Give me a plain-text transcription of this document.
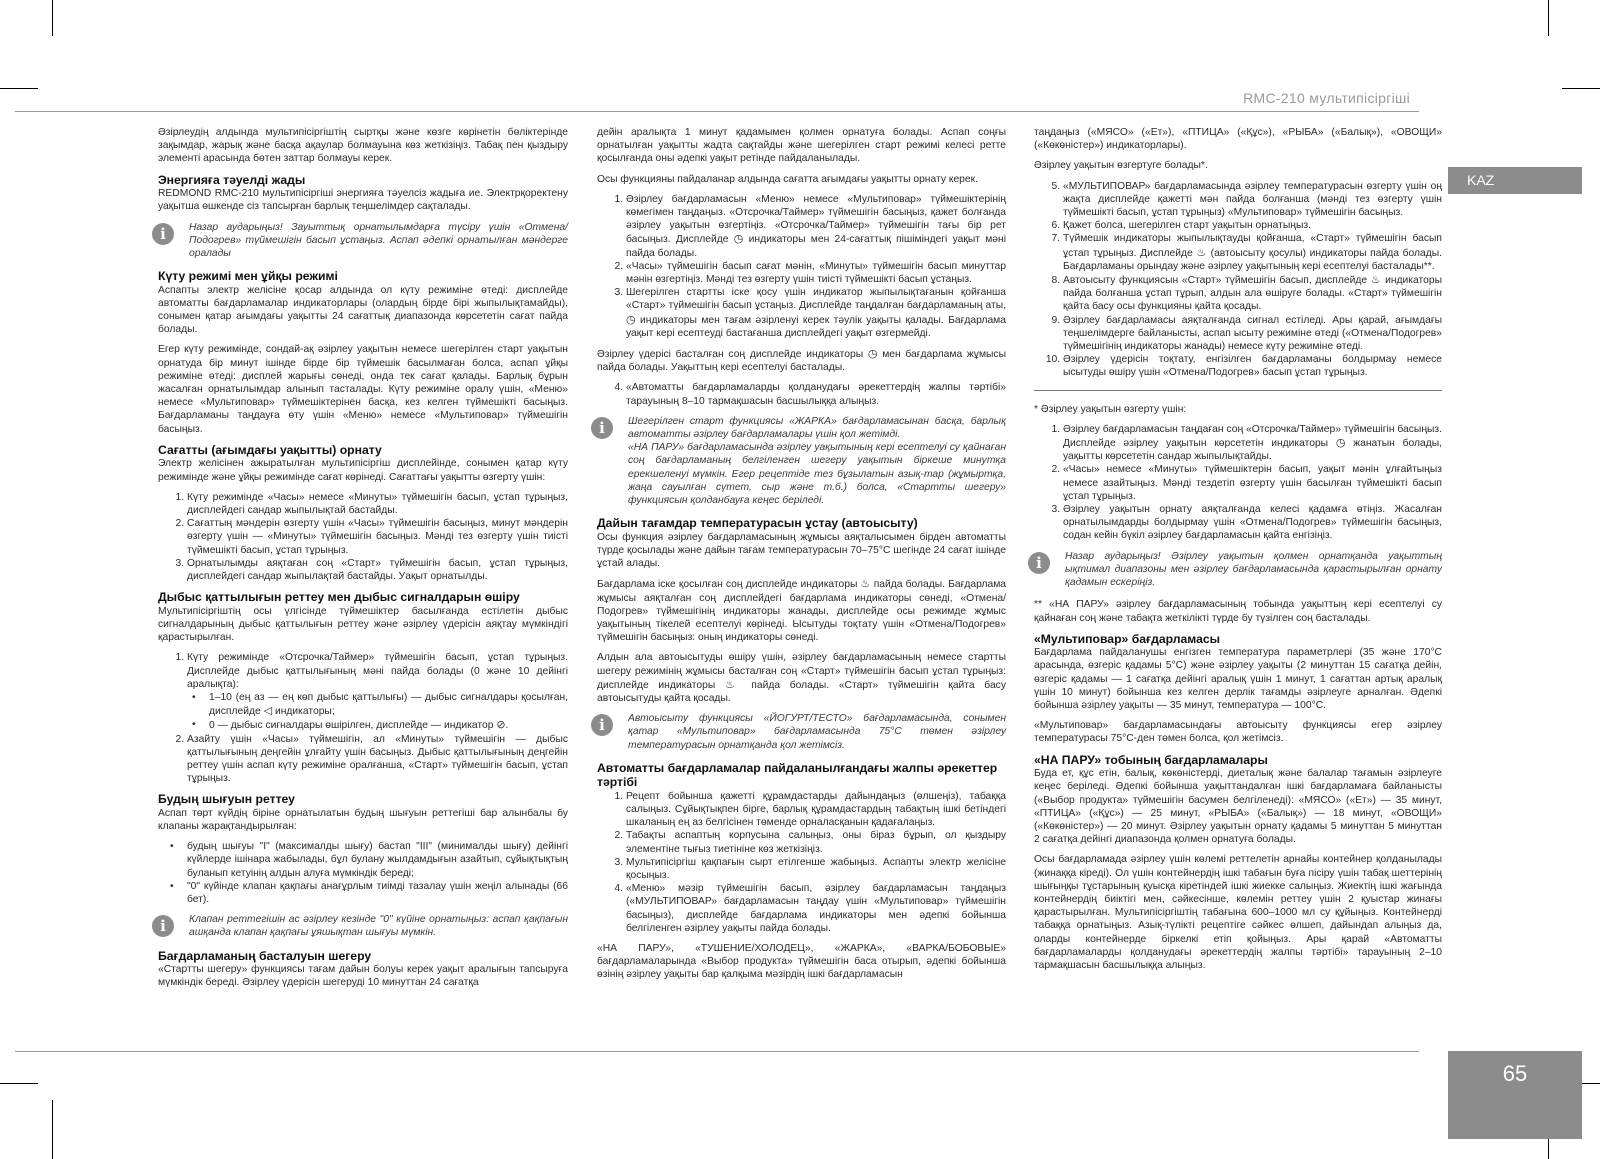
RMC-210 мультипісіргіші
KAZ
65

Әзірлеудің алдында мультипісіргіштің сыртқы және көзге көрінетін бөліктерінде зақымдар, жарық және басқа ақаулар болмауына көз жеткізіңіз. Табақ пен қыздыру элементі арасында бөтен заттар болмауы керек.

Энергияға тәуелді жады

REDMOND RMC-210 мультипісіргіші энергияға тәуелсіз жадыға ие. Электрқоректену уақытша өшкенде сіз тапсырған барлық теңшелімдер сақталады.

i	Назар аударыңыз! Зауыттық орнатылымдарға түсіру үшін «Отмена/Подогрев» түймешігін басып ұстаңыз. Аспап әдепкі орнатылған мәндерге оралады
Күту режимі мен ұйқы режимі

Аспапты электр желісіне қосар алдында ол күту режиміне өтеді: дисплейде автоматты бағдарламалар индикаторлары (олардың бірде бірі жыпылықтамайды), сонымен қатар ағымдағы уақытты 24 сағаттық диапазонда көрсететін сағат пайда болады.

Егер күту режимінде, сондай-ақ әзірлеу уақытын немесе шегерілген старт уақытын орнатуда бір минут ішінде бірде бір түймешік басылмаған болса, аспап ұйқы режиміне өтеді: дисплей жарығы сөнеді, онда тек сағат қалады. Барлық бұрын жасалған орнатылымдар алынып тасталады. Күту режиміне оралу үшін, «Меню» немесе «Мультиповар» түймешіктерінен басқа, кез келген түймешікті басыңыз. Бағдарламаны таңдауға өту үшін «Меню» немесе «Мультиповар» түймешігін басыңыз.

Сағатты (ағымдағы уақытты) орнату

Электр желісінен ажыратылған мультипісіргіш дисплейінде, сонымен қатар күту режимінде және ұйқы режимінде сағат көрінеді. Сағаттағы уақытты өзгерту үшін:

1. Күту режимінде «Часы» немесе «Минуты» түймешігін басып, ұстап тұрыңыз, дисплейдегі сандар жыпылықтай бастайды.
2. Сағаттың мәндерін өзгерту үшін «Часы» түймешігін басыңыз, минут мәндерін өзгерту үшін — «Минуты» түймешігін басыңыз. Мәнді тез өзгерту үшін тиісті түймешікті басып, ұстап тұрыңыз.
3. Орнатылымды аяқтаған соң «Старт» түймешігін басып, ұстап тұрыңыз, дисплейдегі сандар жыпылақтай бастайды. Уақыт орнатылды.
Дыбыс қаттылығын реттеу мен дыбыс сигналдарын өшіру

Мультипісіргіштің осы үлгісінде түймешіктер басылғанда естілетін дыбыс сигналдарының дыбыс қаттылығын реттеу және әзірлеу үдерісін аяқтау мүмкіндігі қарастырылған.

1. Күту режимінде «Отсрочка/Таймер» түймешігін басып, ұстап тұрыңыз. Дисплейде дыбыс қаттылығының мәні пайда болады (0 және 10 дейінгі аралықта):
• 1–10 (ең аз — ең көп дыбыс қаттылығы) — дыбыс сигналдары қосылған, дисплейде ◁ индикаторы;
• 0 — дыбыс сигналдары өшірілген, дисплейде — индикатор ⊘.
2. Азайту үшін «Часы» түймешігін, ал «Минуты» түймешігін — дыбыс қаттылығының деңгейін ұлғайту үшін басыңыз. Дыбыс қаттылығының деңгейін реттеу үшін аспап күту режиміне оралғанша, «Старт» түймешігін басып, ұстап тұрыңыз.
Будың шығуын реттеу

Аспап төрт күйдің біріне орнатылатын будың шығуын реттегіші бар алынбалы бу клапаны жарақтандырылған:

• будың шығуы "I" (максималды шығу) бастап "III" (минималды шығу) дейінгі күйлерде ішінара жабылады, бұл булану жылдамдығын азайтып, сұйықтықтың буланып кетуінің алдын алуға мүмкіндік береді;
• "0" күйінде клапан қақпағы анағұрлым тиімді тазалау үшін жеңіл алынады (66 бет).
i	Клапан реттегішін ас әзірлеу кезінде "0" күйіне орнатыңыз: аспап қақпағын ашқанда клапан қақпағы ұяшықтан шығуы мүмкін.
Бағдарламаның басталуын шегеру

«Стартты шегеру» функциясы тағам дайын болуы керек уақыт аралығын тапсыруға мүмкіндік береді. Әзірлеу үдерісін шегеруді 10 минуттан 24 сағатқа

дейін аралықта 1 минут қадамымен қолмен орнатуға болады. Аспап соңғы орнатылған уақытты жадта сақтайды және шегерілген старт режимі келесі ретте қосылғанда оны әдепкі уақыт ретінде пайдаланылады.

Осы функцияны пайдаланар алдында сағатта ағымдағы уақытты орнату керек.

1. Әзірлеу бағдарламасын «Меню» немесе «Мультиповар» түймешіктерінің көмегімен таңдаңыз. «Отсрочка/Таймер» түймешігін басыңыз, қажет болғанда әзірлеу уақытын өзгертіңіз. «Отсрочка/Таймер» түймешігін тағы бір рет басыңыз. Дисплейде ◷ индикаторы мен 24-сағаттық пішіміндегі уақыт мәні пайда болады.
2. «Часы» түймешігін басып сағат мәнін, «Минуты» түймешігін басып минуттар мәнін өзгертіңіз. Мәнді тез өзгерту үшін тиісті түймешікті басып ұстаңыз.
3. Шегерілген стартты іске қосу үшін индикатор жыпылықтағанын қойғанша «Старт» түймешігін басып ұстаңыз. Дисплейде таңдалған бағдарламаның аты, ◷ индикаторы мен тағам әзірленуі керек тәулік уақыты қалады. Бағдарлама уақыт кері есептеуді бастағанша дисплейдегі уақыт өзгермейді.

Әзірлеу үдерісі басталған соң дисплейде индикаторы ◷ мен бағдарлама жұмысы пайда болады. Уақыттың кері есептелуі басталады.

4. «Автоматты бағдарламаларды қолданудағы әрекеттердің жалпы тәртібі» тарауының 8–10 тармақшасын басшылыққа алыңыз.
i	Шегерілген старт функциясы «ЖАРКА» бағдарламасынан басқа, барлық автоматты әзірлеу бағдарламалары үшін қол жетімді.
«НА ПАРУ» бағдарламасында әзірлеу уақытының кері есептелуі су қайнаған соң бағдарламаның белгіленген шегеру уақытын біркеше минутқа ерекшеленуі мүмкін. Егер рецептіде тез бұзылатын азық-тар (жұмыртқа, жаңа сауылған сүтет, сыр және т.б.) болса, «Стартты шегеру» функциясын қолданбауға кеңес беріледі.
Дайын тағамдар температурасын ұстау (автоысыту)

Осы функция әзірлеу бағдарламасының жұмысы аяқталысымен бірден автоматты түрде қосылады және дайын тағам температурасын 70–75°С шегінде 24 сағат ішінде ұстай алады.

Бағдарлама іске қосылған соң дисплейде индикаторы ♨ пайда болады. Бағдарлама жұмысы аяқталған соң дисплейдегі бағдарлама индикаторы сөнеді, «Отмена/Подогрев» түймешігінің индикаторы жанады, дисплейде осы режимде жұмыс уақытының тікелей есептелуі көрінеді. Ысытуды тоқтату үшін «Отмена/Подогрев» түймешігін басыңыз: оның индикаторы сөнеді.

Алдын ала автоысытуды өшіру үшін, әзірлеу бағдарламасының немесе стартты шегеру режимінің жұмысы басталған соң «Старт» түймешігін басып ұстап тұрыңыз: дисплейде индикаторы ♨ пайда болады. «Старт» түймешігін қайта басу автоысытуды қайта қосады.

i	Автоысыту функциясы «ЙОГУРТ/ТЕСТО» бағдарламасында, сонымен қатар «Мультиповар» бағдарламасында 75°С төмен әзірлеу температурасын орнатқанда қол жетімсіз.
Автоматты бағдарламалар пайдаланылғандағы жалпы әрекеттер тәртібі
1. Рецепт бойынша қажетті құрамдастарды дайындаңыз (өлшеңіз), табаққа салыңыз. Сұйықтықпен бірге, барлық құрамдастардың табақтың ішкі бетіндегі шкаланың ең аз белгісінен төменде орналасқанын қадағалаңыз.
2. Табақты аспаптың корпусына салыңыз, оны біраз бұрып, ол қыздыру элементіне тығыз тиетініне көз жеткізіңіз.
3. Мультипісіргіш қақпағын сырт етілгенше жабыңыз. Аспапты электр желісіне қосыңыз.
4. «Меню» мәзір түймешігін басып, әзірлеу бағдарламасын таңдаңыз («МУЛЬТИПОВАР» бағдарламасын таңдау үшін «Мультиповар» түймешігін басыңыз), дисплейде бағдарлама индикаторы мен әдепкі бойынша белгіленген әзірлеу уақыты пайда болады.

«НА ПАРУ», «ТУШЕНИЕ/ХОЛОДЕЦ», «ЖАРКА», «ВАРКА/БОБОВЫЕ» бағдарламаларында «Выбор продукта» түймешігін баса отырып, әдепкі бойынша өзінің әзірлеу уақыты бар қалқыма мәзірдің ішкі бағдарламасын

таңдаңыз («МЯСО» («Ет»), «ПТИЦА» («Құс»), «РЫБА» («Балық»), «ОВОЩИ» («Көкөністер») индикаторлары).

Әзірлеу уақытын өзгертуге болады*.

5. «МУЛЬТИПОВАР» бағдарламасында әзірлеу температурасын өзгерту үшін оң жақта дисплейде қажетті мән пайда болғанша (мәнді тез өзгерту үшін түймешікті басып, ұстап тұрыңыз) «Мультиповар» түймешігін басыңыз.
6. Қажет болса, шегерілген старт уақытын орнатыңыз.
7. Түймешік индикаторы жыпылықтауды қойғанша, «Старт» түймешігін басып ұстап тұрыңыз. Дисплейде ♨ (автоысыту қосулы) индикаторы пайда болады. Бағдарламаны орындау және әзірлеу уақытының кері есептелуі басталады**.
8. Автоысыту функциясын «Старт» түймешігін басып, дисплейде ♨ индикаторы пайда болғанша ұстап тұрып, алдын ала өшіруге болады. «Старт» түймешігін қайта басу осы функцияны қайта қосады.
9. Әзірлеу бағдарламасы аяқталғанда сигнал естіледі. Ары қарай, ағымдағы теңшелімдерге байланысты, аспап ысыту режиміне өтеді («Отмена/Подогрев» түймешігінің индикаторы жанады) немесе күту режиміне өтеді.
10. Әзірлеу үдерісін тоқтату, енгізілген бағдарламаны болдырмау немесе ысытуды өшіру үшін «Отмена/Подогрев» басып ұстап тұрыңыз.

* Әзірлеу уақытын өзгерту үшін:

1. Әзірлеу бағдарламасын таңдаған соң «Отсрочка/Таймер» түймешігін басыңыз. Дисплейде әзірлеу уақытын көрсететін индикаторы ◷ жанатын болады, уақытты көрсететін сандар жыпылықтайды.
2. «Часы» немесе «Минуты» түймешіктерін басып, уақыт мәнін ұлғайтыңыз немесе азайтыңыз. Мәнді тездетіп өзгерту үшін басылған түймешікті басып ұстап тұрыңыз.
3. Әзірлеу уақытын орнату аяқталғанда келесі қадамға өтіңіз. Жасалған орнатылымдарды болдырмау үшін «Отмена/Подогрев» түймешігін басыңыз, содан кейін бүкіл әзірлеу бағдарламасын қайта енгізіңіз.
i	Назар аударыңыз! Әзірлеу уақытын қолмен орнатқанда уақыттың ықтимал диапазоны мен әзірлеу бағдарламасында қарастырылған орнату қадамын ескеріңіз.

** «НА ПАРУ» әзірлеу бағдарламасының тобында уақыттың кері есептелуі су қайнаған соң және табақта жеткілікті түрде бу түзілген соң басталады.

«Мультиповар» бағдарламасы

Бағдарлама пайдаланушы енгізген температура параметрлері (35 және 170°С арасында, өзгеріс қадамы 5°С) және әзірлеу уақыты (2 минуттан 15 сағатқа дейін, өзгеріс қадамы — 1 сағатқа дейінгі аралық үшін 1 минут, 1 сағаттан артық аралық үшін 10 минут) бойынша кез келген дерлік тағамды әзірлеуге арналған. Әдепкі бойынша әзірлеу уақыты — 35 минут, температура — 100°С.

«Мультиповар» бағдарламасындағы автоысыту функциясы егер әзірлеу температурасы 75°С-ден төмен болса, қол жетімсіз.

«НА ПАРУ» тобының бағдарламалары

Буда ет, құс етін, балық, көкөністерді, диеталық және балалар тағамын әзірлеуге кеңес беріледі. Әдепкі бойынша уақыттандалған ішкі бағдарламаға байланысты («Выбор продукта» түймешігін басумен белгіленеді): «МЯСО» («Ет») — 35 минут, «ПТИЦА» («Құс») — 25 минут, «РЫБА» («Балық») — 18 минут, «ОВОЩИ» («Көкөністер») — 20 минут. Әзірлеу уақытын орнату қадамы 5 минуттан 5 минуттан 2 сағатқа дейінгі диапазонда қолмен орнатуға болады.

Осы бағдарламада әзірлеу үшін көлемі реттелетін арнайы контейнер қолданылады (жинаққа кіреді). Ол үшін контейнердің ішкі табағын буға пісіру үшін табақ шеттерінің шығыңқы тұстарының қуысқа кіретіндей ішкі жиекке салыңыз. Жиектің ішкі жағында контейнердің биіктігі мен, сәйкесінше, көлемін реттеу үшін 2 қуыстар жинағы қарастырылған. Мультипісіргіштің табағына 600–1000 мл су құйыңыз. Контейнерді табаққа орнатыңыз. Азық-түлікті рецептіге сәйкес өлшеп, дайындап алыңыз да, оларды контейнерде біркелкі етіп қойыңыз. Ары қарай «Автоматты бағдарламаларды қолданудағы әрекеттердің жалпы тәртібі» тарауының 2–10 тармақшасын басшылыққа алыңыз.
